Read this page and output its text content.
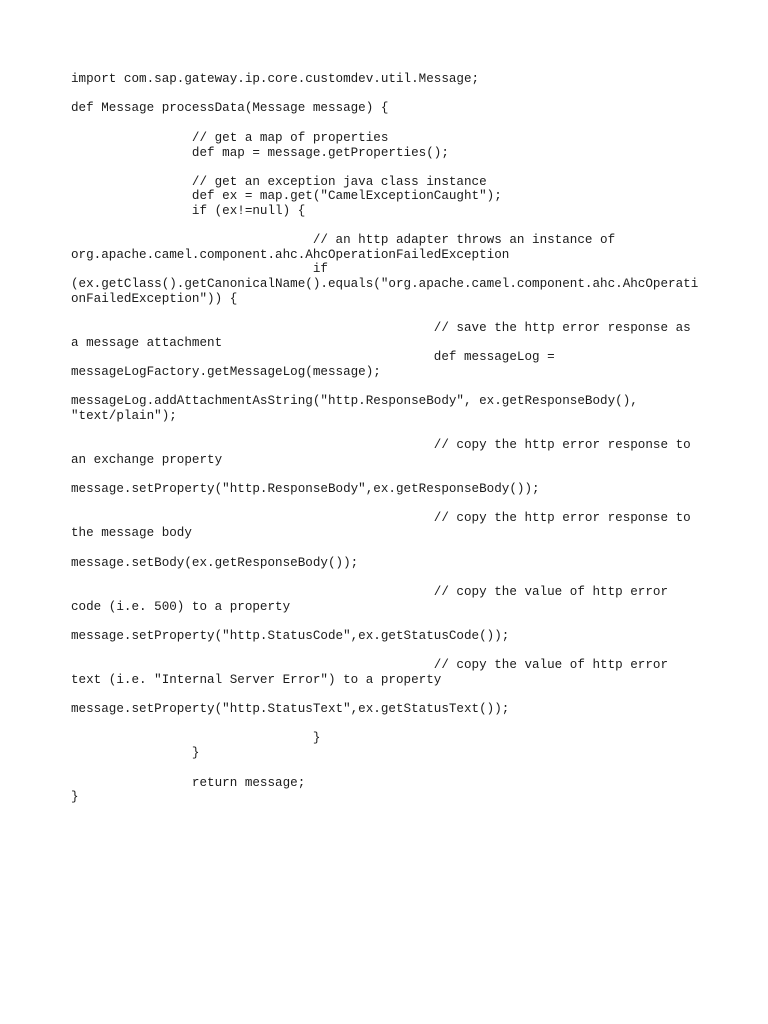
import com.sap.gateway.ip.core.customdev.util.Message;
def Message processData(Message message) {
// get a map of properties
def map = message.getProperties();
// get an exception java class instance
def ex = map.get("CamelExceptionCaught");
if (ex!=null) {
// an http adapter throws an instance of
org.apache.camel.component.ahc.AhcOperationFailedException
if
(ex.getClass().getCanonicalName().equals("org.apache.camel.component.ahc.AhcOperati
onFailedException")) {
// save the http error response as
a message attachment
def messageLog =
messageLogFactory.getMessageLog(message);
messageLog.addAttachmentAsString("http.ResponseBody", ex.getResponseBody(),
"text/plain");
// copy the http error response to
an exchange property
message.setProperty("http.ResponseBody",ex.getResponseBody());
// copy the http error response to
the message body
message.setBody(ex.getResponseBody());
// copy the value of http error
code (i.e. 500) to a property
message.setProperty("http.StatusCode",ex.getStatusCode());
// copy the value of http error
text (i.e. "Internal Server Error") to a property
message.setProperty("http.StatusText",ex.getStatusText());
}
}
return message;
}
